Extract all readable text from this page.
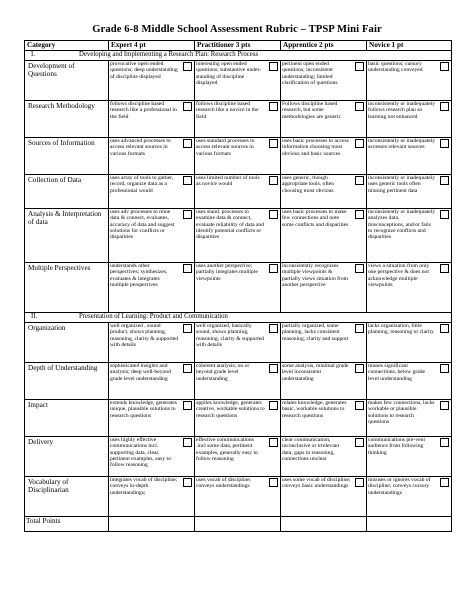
Grade 6-8 Middle School Assessment Rubric – TPSP Mini Fair
Category	Expert 4 pt	Practitioner 3 pts	Apprentice 2 pts	Novice 1 pt
I. Developing and Implementing a Research Plan: Research Process				
Development of Questions	provocative open ended questions; deep understanding of discipline displayed	interesting open ended questions; substantive under-standing of discipline displayed	pertinent open ended questions; inconsistent understanding; limited clarification of questions	basic questions; cursory understanding conveyed

Research Methodology	follows discipline based research like a professional in the field	follows discipline based research like a novice in the field	Follows discipline based research, but some methodologies are generic	inconsistently or inadequately follows research plan so learning not enhanced

Sources of Information	uses advanced processes to access relevant sources in various formats	uses standard processes to access relevant sources in various formats	uses basic processes to access information choosing most obvious and basic sources	inconsistently or inadequately accesses relevant sources

Collection of Data	uses array of tools to gather, record, organize data as a professional would	uses limited number of tools as novice would	uses generic, though appropriate tools, often choosing most obvious	inconsistently or inadequately uses generic tools often missing pertinent data

Analysis & Interpretation of data	uses adv processes to mine data & connect, evaluates, accuracy of data and suggest solutions for conflicts or disparities	uses stand. processes to examine data & connect, evaluate reliability of data and identify potential conflicts or disparities	uses basic processes to make few connections and note some conflicts and disparities	inconsistently or inadequately analyzes data, misconceptions, and/or fails to recognize conflicts and disparities

Multiple Perspectives	understands other perspectives; synthesizes, evaluates & integrates multiple perspectives	uses another perspective; partially integrates multiple viewpoints	inconsistently recognizes multiple viewpoints & partially views situation from another perspective	views a situation from only one perspective & does not acknowledge multiple viewpoints

II. Presentation of Learning: Product and Communication				
Organization	well organized , sound product, shows planning, reasoning, clarity & supported with details	well organized, basically sound, shows planning, reasoning, clarity & supported with details	partially organized, some planning, lacks consistent reasoning, clarity and support	lacks organization, little planning, reasoning or clarity

Depth of Understanding	sophisticated insights and analysis; deep well-beyond grade level understanding	coherent analysis; on or beyond grade level understanding	some analysis, minimal grade level inconsistent understanding	misses significant connections, below grade level understanding

Impact	extends knowledge, generates unique, plausible solutions to research questions	applies knowledge, generates creative, workable solutions to research questions	relates knowledge, generates basic, workable solutions to research questions	makes few connections, lacks workable or plausible solutions to research questions

Delivery	uses highly effective communications incl. supporting data, clear, pertinent examples, easy to follow reasoning	effective communications .incl some data, pertinent examples, generally easy to follow reasoning	clear communication, inconclusive or irrelevant data, gaps in reasoning, connections unclear	communications pre-vent audience from following thinking

Vocabulary of Disciplinarian	integrates vocab of discipline; conveys in-depth understandings;	uses vocab of discipline; conveys understandings	uses some vocab of discipline; conveys basic understandings	misuses or ignores vocab of discipline; conveys cursory understandings

Total Points				
